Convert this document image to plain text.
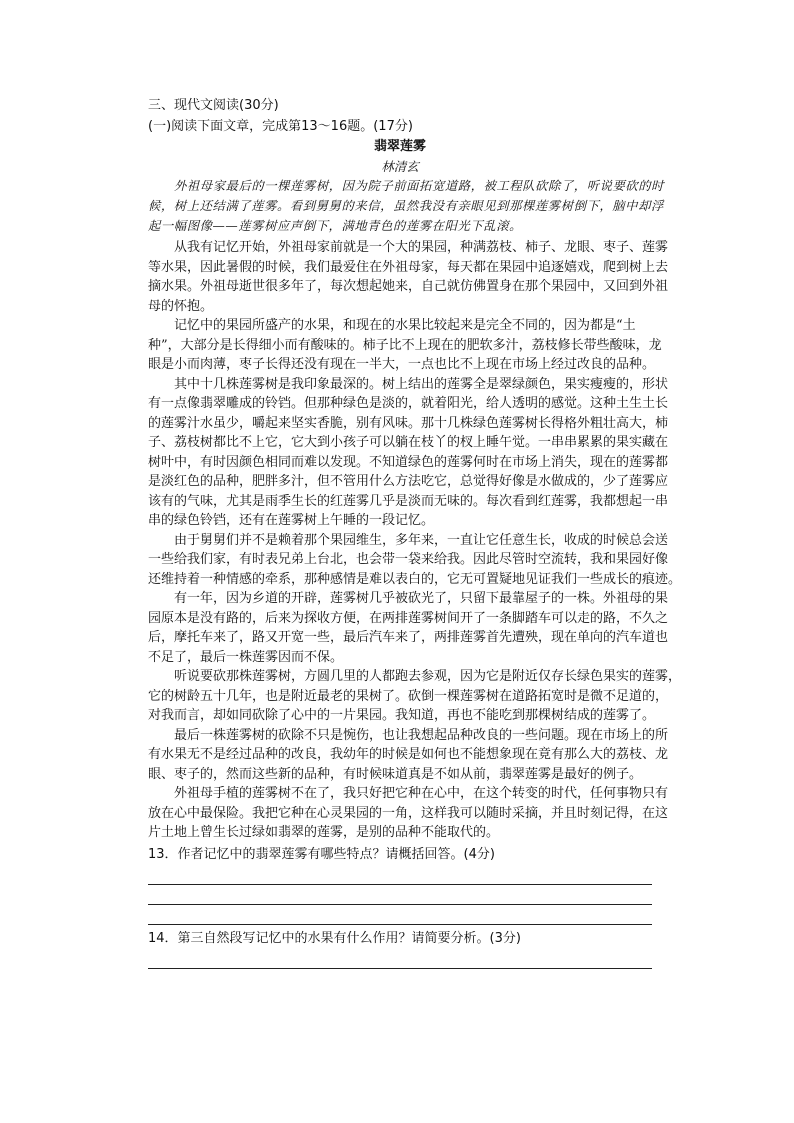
三、现代文阅读(30分)
(一)阅读下面文章，完成第13～16题。(17分)
翡翠莲雾
林清玄
外祖母家最后的一棵莲雾树，因为院子前面拓宽道路，被工程队砍除了，听说要砍的时
候，树上还结满了莲雾。看到舅舅的来信，虽然我没有亲眼见到那棵莲雾树倒下，脑中却浮
起一幅图像——莲雾树应声倒下，满地青色的莲雾在阳光下乱滚。
从我有记忆开始，外祖母家前就是一个大的果园，种满荔枝、柿子、龙眼、枣子、莲雾
等水果，因此暑假的时候，我们最爱住在外祖母家，每天都在果园中追逐嬉戏，爬到树上去
摘水果。外祖母逝世很多年了，每次想起她来，自己就仿佛置身在那个果园中，又回到外祖
母的怀抱。
记忆中的果园所盛产的水果，和现在的水果比较起来是完全不同的，因为都是“土
种”，大部分是长得细小而有酸味的。柿子比不上现在的肥软多汁，荔枝修长带些酸味，龙
眼是小而肉薄，枣子长得还没有现在一半大，一点也比不上现在市场上经过改良的品种。
其中十几株莲雾树是我印象最深的。树上结出的莲雾全是翠绿颜色，果实瘦瘦的，形状
有一点像翡翠雕成的铃铛。但那种绿色是淡的，就着阳光，给人透明的感觉。这种土生土长
的莲雾汁水虽少，嚼起来坚实香脆，别有风味。那十几株绿色莲雾树长得格外粗壮高大，柿
子、荔枝树都比不上它，它大到小孩子可以躺在枝丫的杈上睡午觉。一串串累累的果实藏在
树叶中，有时因颜色相同而难以发现。不知道绿色的莲雾何时在市场上消失，现在的莲雾都
是淡红色的品种，肥胖多汁，但不管用什么方法吃它，总觉得好像是水做成的，少了莲雾应
该有的气味，尤其是雨季生长的红莲雾几乎是淡而无味的。每次看到红莲雾，我都想起一串
串的绿色铃铛，还有在莲雾树上午睡的一段记忆。
由于舅舅们并不是赖着那个果园维生，多年来，一直让它任意生长，收成的时候总会送
一些给我们家，有时表兄弟上台北，也会带一袋来给我。因此尽管时空流转，我和果园好像
还维持着一种情感的牵系，那种感情是难以表白的，它无可置疑地见证我们一些成长的痕迹。
有一年，因为乡道的开辟，莲雾树几乎被砍光了，只留下最靠屋子的一株。外祖母的果
园原本是没有路的，后来为探收方便，在两排莲雾树间开了一条脚踏车可以走的路，不久之
后，摩托车来了，路又开宽一些，最后汽车来了，两排莲雾首先遭殃，现在单向的汽车道也
不足了，最后一株莲雾因而不保。
听说要砍那株莲雾树，方圆几里的人都跑去参观，因为它是附近仅存长绿色果实的莲雾，
它的树龄五十几年，也是附近最老的果树了。砍倒一棵莲雾树在道路拓宽时是微不足道的，
对我而言，却如同砍除了心中的一片果园。我知道，再也不能吃到那棵树结成的莲雾了。
最后一株莲雾树的砍除不只是惋伤，也让我想起品种改良的一些问题。现在市场上的所
有水果无不是经过品种的改良，我幼年的时候是如何也不能想象现在竟有那么大的荔枝、龙
眼、枣子的，然而这些新的品种，有时候味道真是不如从前，翡翠莲雾是最好的例子。
外祖母手植的莲雾树不在了，我只好把它种在心中，在这个转变的时代，任何事物只有
放在心中最保险。我把它种在心灵果园的一角，这样我可以随时采摘，并且时刻记得，在这
片土地上曾生长过绿如翡翠的莲雾，是别的品种不能取代的。
13．作者记忆中的翡翠莲雾有哪些特点？请概括回答。(4分)
14．第三自然段写记忆中的水果有什么作用？请简要分析。(3分)
